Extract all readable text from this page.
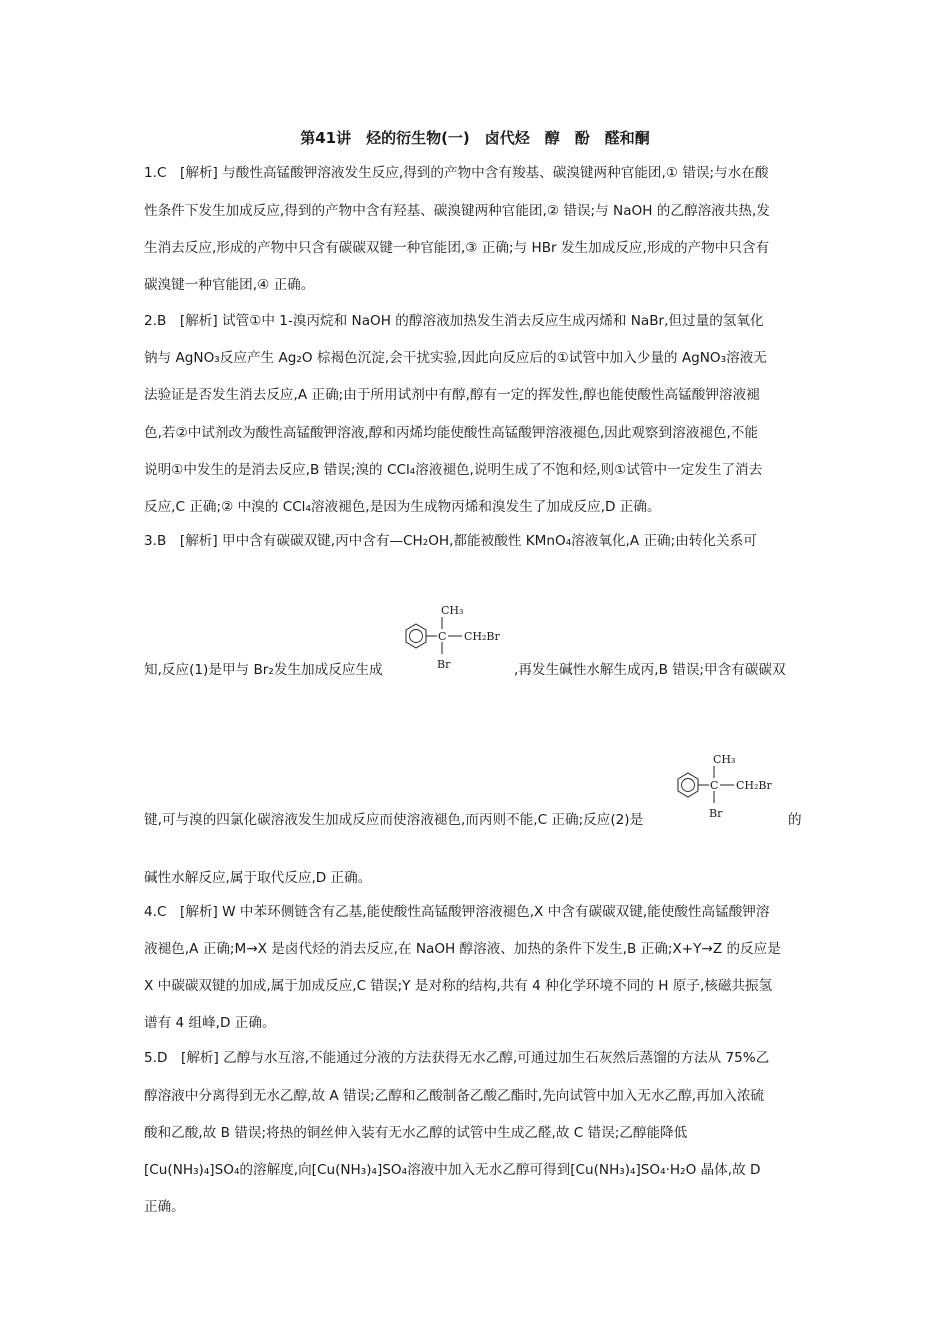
第41讲　烃的衍生物(一)　卤代烃　醇　酚　醛和酮
1.C　[解析] 与酸性高锰酸钾溶液发生反应,得到的产物中含有羧基、碳溴键两种官能团,① 错误;与水在酸
性条件下发生加成反应,得到的产物中含有羟基、碳溴键两种官能团,② 错误;与 NaOH 的乙醇溶液共热,发
生消去反应,形成的产物中只含有碳碳双键一种官能团,③ 正确;与 HBr 发生加成反应,形成的产物中只含有
碳溴键一种官能团,④ 正确。
2.B　[解析] 试管①中 1-溴丙烷和 NaOH 的醇溶液加热发生消去反应生成丙烯和 NaBr,但过量的氢氧化
钠与 AgNO₃反应产生 Ag₂O 棕褐色沉淀,会干扰实验,因此向反应后的①试管中加入少量的 AgNO₃溶液无
法验证是否发生消去反应,A 正确;由于所用试剂中有醇,醇有一定的挥发性,醇也能使酸性高锰酸钾溶液褪
色,若②中试剂改为酸性高锰酸钾溶液,醇和丙烯均能使酸性高锰酸钾溶液褪色,因此观察到溶液褪色,不能
说明①中发生的是消去反应,B 错误;溴的 CCl₄溶液褪色,说明生成了不饱和烃,则①试管中一定发生了消去
反应,C 正确;② 中溴的 CCl₄溶液褪色,是因为生成物丙烯和溴发生了加成反应,D 正确。
3.B　[解析] 甲中含有碳碳双键,丙中含有—CH₂OH,都能被酸性 KMnO₄溶液氧化,A 正确;由转化关系可
知,反应(1)是甲与 Br₂发生加成反应生成
C
CH₃
CH₂Br
Br	,再发生碱性水解生成丙,B 错误;甲含有碳碳双
键,可与溴的四氯化碳溶液发生加成反应而使溶液褪色,而丙则不能,C 正确;反应(2)是
C
CH₃
CH₂Br
Br	的
碱性水解反应,属于取代反应,D 正确。
4.C　[解析] W 中苯环侧链含有乙基,能使酸性高锰酸钾溶液褪色,X 中含有碳碳双键,能使酸性高锰酸钾溶
液褪色,A 正确;M→X 是卤代烃的消去反应,在 NaOH 醇溶液、加热的条件下发生,B 正确;X+Y→Z 的反应是
X 中碳碳双键的加成,属于加成反应,C 错误;Y 是对称的结构,共有 4 种化学环境不同的 H 原子,核磁共振氢
谱有 4 组峰,D 正确。
5.D　[解析] 乙醇与水互溶,不能通过分液的方法获得无水乙醇,可通过加生石灰然后蒸馏的方法从 75%乙
醇溶液中分离得到无水乙醇,故 A 错误;乙醇和乙酸制备乙酸乙酯时,先向试管中加入无水乙醇,再加入浓硫
酸和乙酸,故 B 错误;将热的铜丝伸入装有无水乙醇的试管中生成乙醛,故 C 错误;乙醇能降低
[Cu(NH₃)₄]SO₄的溶解度,向[Cu(NH₃)₄]SO₄溶液中加入无水乙醇可得到[Cu(NH₃)₄]SO₄·H₂O 晶体,故 D
正确。
